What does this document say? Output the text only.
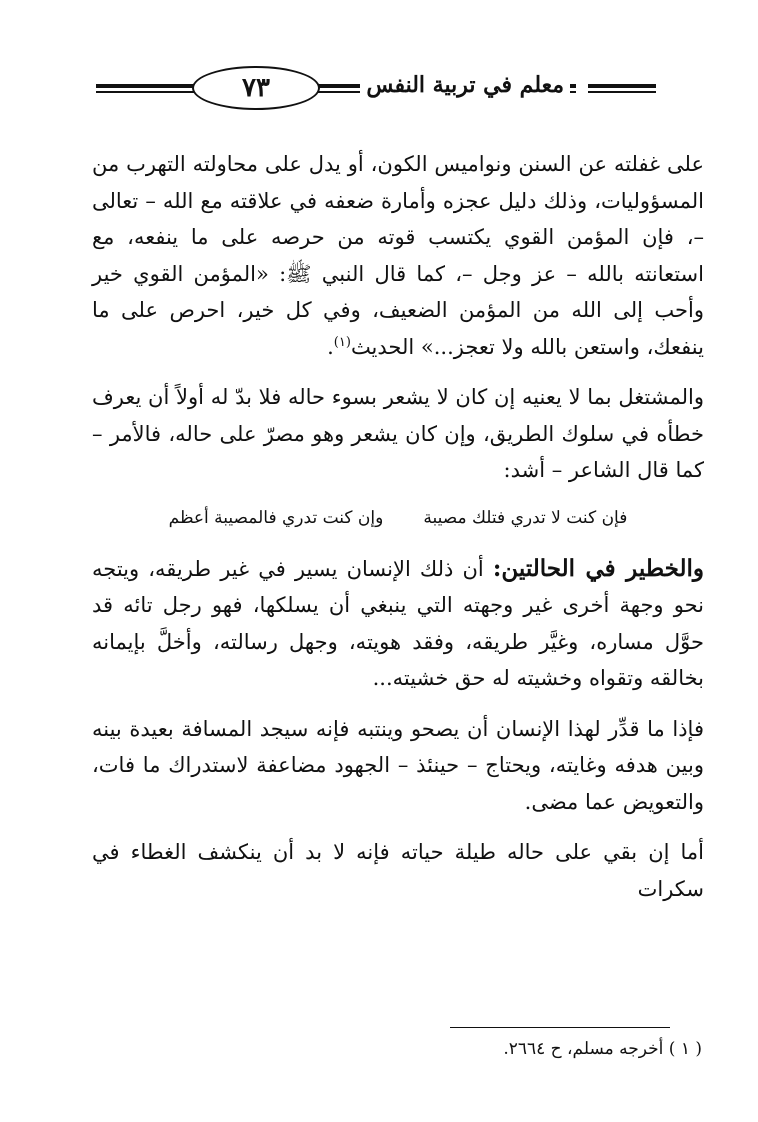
٧٣	معلم في تربية النفس

على غفلته عن السنن ونواميس الكون، أو يدل على محاولته التهرب من المسؤوليات، وذلك دليل عجزه وأمارة ضعفه في علاقته مع الله – تعالى –، فإن المؤمن القوي يكتسب قوته من حرصه على ما ينفعه، مع استعانته بالله – عز وجل –، كما قال النبي ﷺ: «المؤمن القوي خير وأحب إلى الله من المؤمن الضعيف، وفي كل خير، احرص على ما ينفعك، واستعن بالله ولا تعجز...» الحديث$^{(١)}$.

والمشتغل بما لا يعنيه إن كان لا يشعر بسوء حاله فلا بدّ له أولاً أن يعرف خطأه في سلوك الطريق، وإن كان يشعر وهو مصرّ على حاله، فالأمر – كما قال الشاعر – أشد:

فإن كنت لا تدري فتلك مصيبة
وإن كنت تدري فالمصيبة أعظم

والخطير في الحالتين: أن ذلك الإنسان يسير في غير طريقه، ويتجه نحو وجهة أخرى غير وجهته التي ينبغي أن يسلكها، فهو رجل تائه قد حوَّل مساره، وغيَّر طريقه، وفقد هويته، وجهل رسالته، وأخلَّ بإيمانه بخالقه وتقواه وخشيته له حق خشيته...

فإذا ما قدِّر لهذا الإنسان أن يصحو وينتبه فإنه سيجد المسافة بعيدة بينه وبين هدفه وغايته، ويحتاج – حينئذ – الجهود مضاعفة لاستدراك ما فات، والتعويض عما مضى.

أما إن بقي على حاله طيلة حياته فإنه لا بد أن ينكشف الغطاء في سكرات

( ١ ) أخرجه مسلم، ح ٢٦٦٤.
